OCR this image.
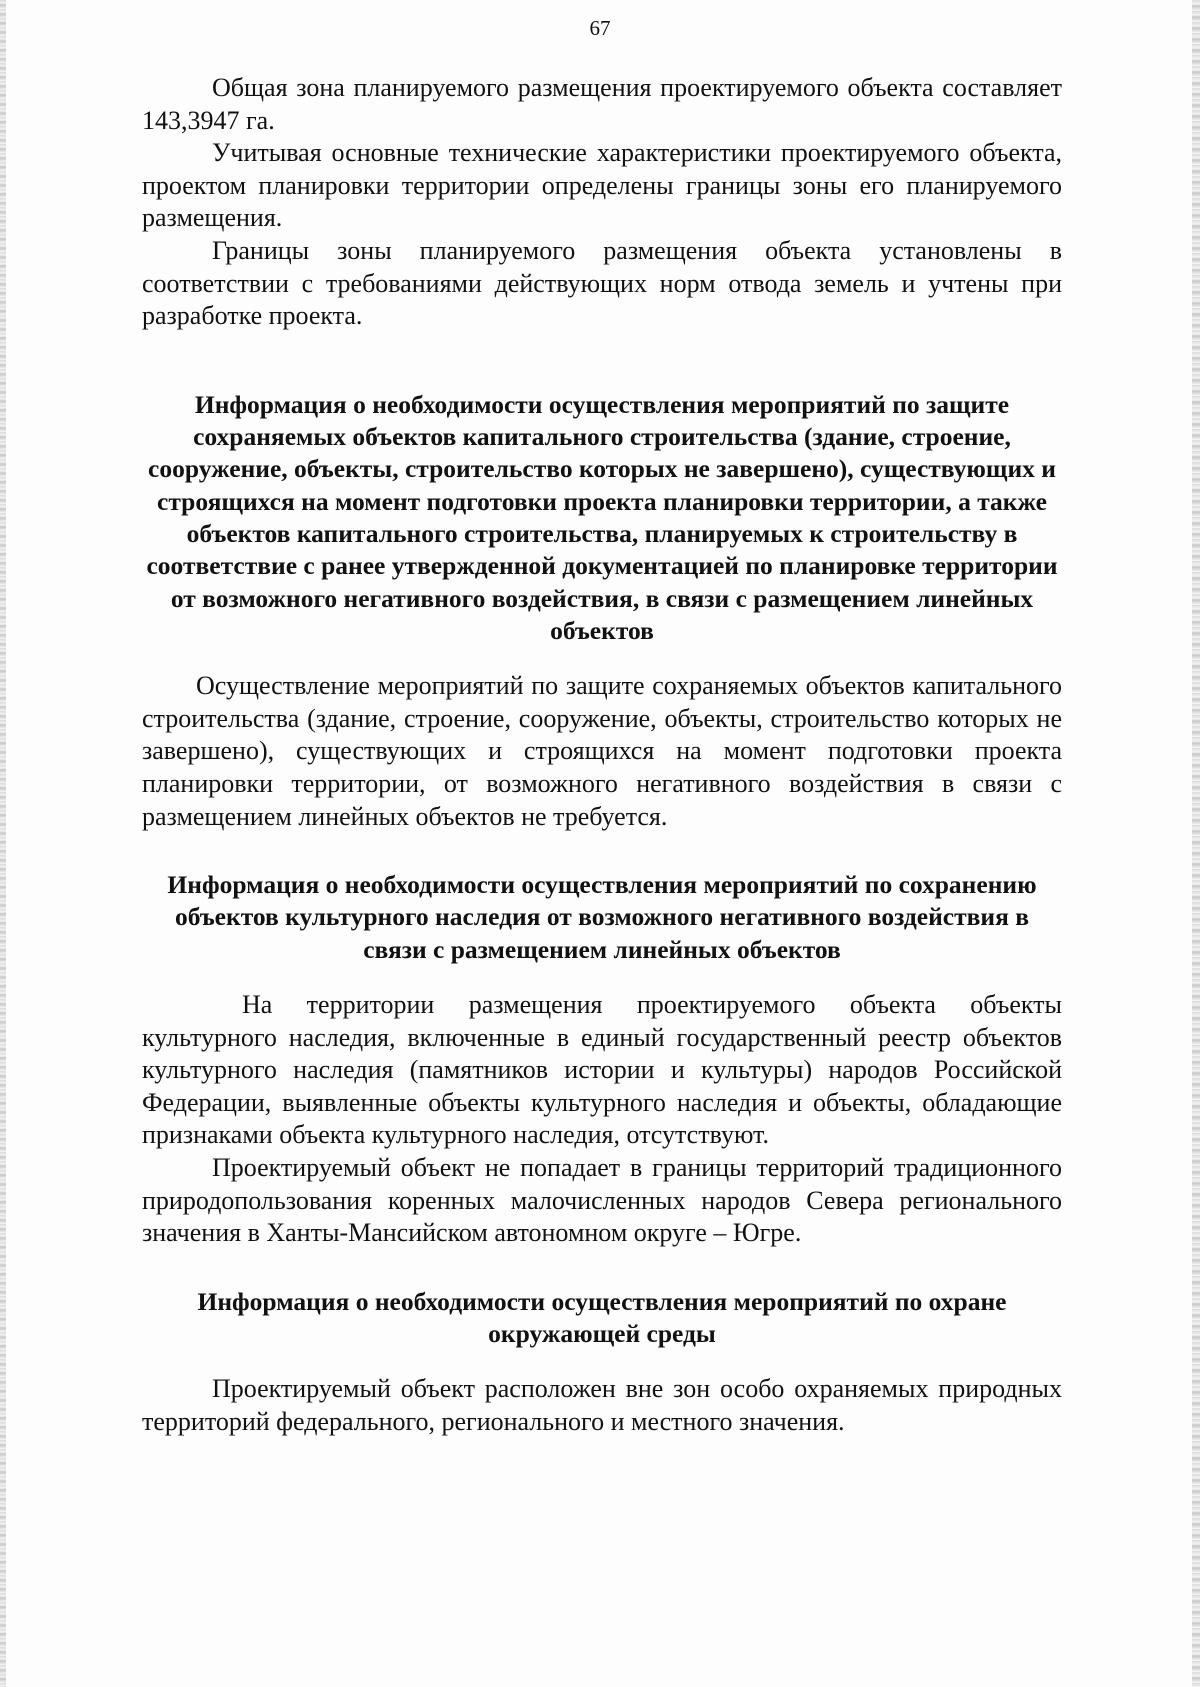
67

Общая зона планируемого размещения проектируемого объекта составляет 143,3947 га.

Учитывая основные технические характеристики проектируемого объекта, проектом планировки территории определены границы зоны его планируемого размещения.

Границы зоны планируемого размещения объекта установлены в соответствии с требованиями действующих норм отвода земель и учтены при разработке проекта.

Информация о необходимости осуществления мероприятий по защите сохраняемых объектов капитального строительства (здание, строение, сооружение, объекты, строительство которых не завершено), существующих и строящихся на момент подготовки проекта планировки территории, а также объектов капитального строительства, планируемых к строительству в соответствие с ранее утвержденной документацией по планировке территории от возможного негативного воздействия, в связи с размещением линейных объектов

Осуществление мероприятий по защите сохраняемых объектов капитального строительства (здание, строение, сооружение, объекты, строительство которых не завершено), существующих и строящихся на момент подготовки проекта планировки территории, от возможного негативного воздействия в связи с размещением линейных объектов не требуется.

Информация о необходимости осуществления мероприятий по сохранению объектов культурного наследия от возможного негативного воздействия в связи с размещением линейных объектов

На территории размещения проектируемого объекта объекты культурного наследия, включенные в единый государственный реестр объектов культурного наследия (памятников истории и культуры) народов Российской Федерации, выявленные объекты культурного наследия и объекты, обладающие признаками объекта культурного наследия, отсутствуют.

Проектируемый объект не попадает в границы территорий традиционного природопользования коренных малочисленных народов Севера регионального значения в Ханты-Мансийском автономном округе – Югре.

Информация о необходимости осуществления мероприятий по охране окружающей среды

Проектируемый объект расположен вне зон особо охраняемых природных территорий федерального, регионального и местного значения.
